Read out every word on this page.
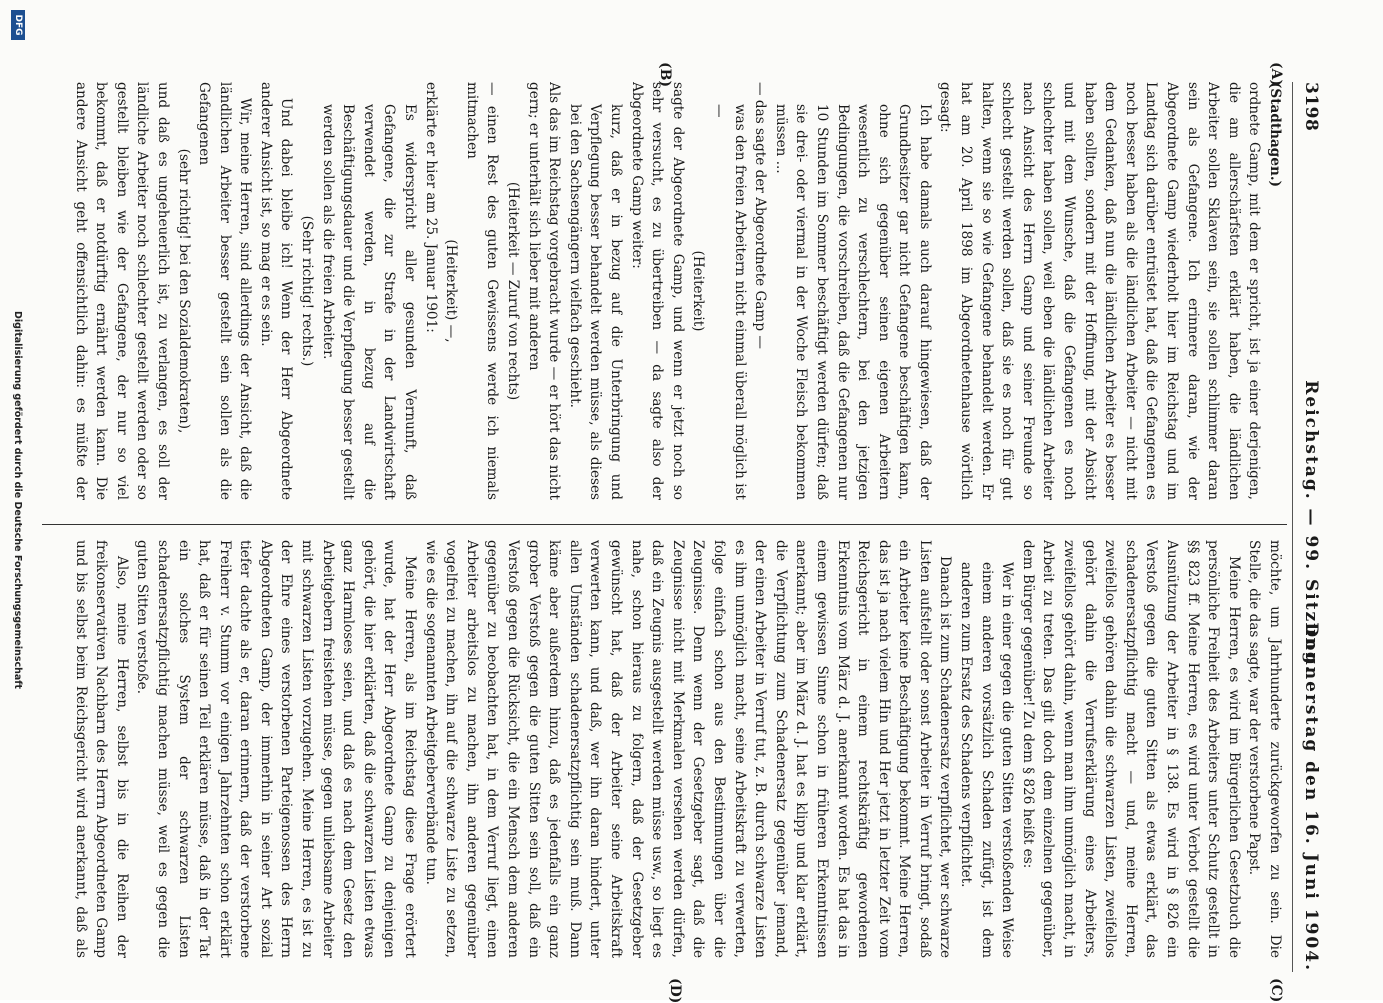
3198
Reichstag. — 99. Sitzung.
Donnerstag den 16. Juni 1904.
(A)
(B)
(C)
(D)

(Stadthagen.)

ordnete Gamp, mit dem er spricht, ist ja einer derjenigen, die am allerschärfsten erklärt haben, die ländlichen Arbeiter sollen Sklaven sein, sie sollen schlimmer daran sein als Gefangene. Ich erinnere daran, wie der Abgeordnete Gamp wiederholt hier im Reichstag und im Landtag sich darüber entrüstet hat, daß die Gefangenen es noch besser haben als die ländlichen Arbeiter — nicht mit dem Gedanken, daß nun die ländlichen Arbeiter es besser haben sollten, sondern mit der Hoffnung, mit der Absicht und mit dem Wunsche, daß die Gefangenen es noch schlechter haben sollen, weil eben die ländlichen Arbeiter nach Ansicht des Herrn Gamp und seiner Freunde so schlecht gestellt werden sollen, daß sie es noch für gut halten, wenn sie so wie Gefangene behandelt werden. Er hat am 20. April 1898 im Abgeordnetenhause wörtlich gesagt:

Ich habe damals auch darauf hingewiesen, daß der Grundbesitzer gar nicht Gefangene beschäftigen kann, ohne sich gegenüber seinen eigenen Arbeitern wesentlich zu verschlechtern, bei den jetzigen Bedingungen, die vorschreiben, daß die Gefangenen nur 10 Stunden im Sommer beschäftigt werden dürfen; daß sie drei- oder viermal in der Woche Fleisch bekommen müssen ...

— das sagte der Abgeordnete Gamp —

was den freien Arbeitern nicht einmal überall möglich ist —

(Heiterkeit)

sagte der Abgeordnete Gamp, und wenn er jetzt noch so sehr versucht, es zu übertreiben — da sagte also der Abgeordnete Gamp weiter:

kurz, daß er in bezug auf die Unterbringung und Verpflegung besser behandelt werden müsse, als dieses bei den Sachsengängern vielfach geschieht.

Als das im Reichstag vorgebracht wurde — er hört das nicht gern; er unterhält sich lieber mit anderen

(Heiterkeit — Zuruf von rechts)

— einen Rest des guten Gewissens werde ich niemals mitmachen

(Heiterkeit) —,

erklärte er hier am 25. Januar 1901:

Es widerspricht aller gesunden Vernunft, daß Gefangene, die zur Strafe in der Landwirtschaft verwendet werden, in bezug auf die Beschäftigungsdauer und die Verpflegung besser gestellt werden sollen als die freien Arbeiter.

(Sehr richtig! rechts.)

Und dabei bleibe ich! Wenn der Herr Abgeordnete anderer Ansicht ist, so mag er es sein.

Wir, meine Herren, sind allerdings der Ansicht, daß die ländlichen Arbeiter besser gestellt sein sollen als die Gefangenen

(sehr richtig! bei den Sozialdemokraten),

und daß es ungeheuerlich ist, zu verlangen, es soll der ländliche Arbeiter noch schlechter gestellt werden oder so gestellt bleiben wie der Gefangene, der nur so viel bekommt, daß er notdürftig ernährt werden kann. Die andere Ansicht geht offensichtlich dahin: es müßte der

möchte, um Jahrhunderte zurückgeworfen zu sein. Die Stelle, die das sagte, war der verstorbene Papst.

Meine Herren, es wird im Bürgerlichen Gesetzbuch die persönliche Freiheit des Arbeiters unter Schutz gestellt in §§ 823 ff. Meine Herren, es wird unter Verbot gestellt die Ausnützung der Arbeiter in § 138. Es wird in § 826 ein Verstoß gegen die guten Sitten als etwas erklärt, das schadenersatzpflichtig macht — und, meine Herren, zweifellos gehören dahin die schwarzen Listen, zweifellos gehört dahin die Verrufserklärung eines Arbeiters, zweifellos gehört dahin, wenn man ihm unmöglich macht, in Arbeit zu treten. Das gilt doch dem einzelnen gegenüber, dem Bürger gegenüber! Zu dem § 826 heißt es:

Wer in einer gegen die guten Sitten verstoßenden Weise einem anderen vorsätzlich Schaden zufügt, ist dem anderen zum Ersatz des Schadens verpflichtet.

Danach ist zum Schadenersatz verpflichtet, wer schwarze Listen aufstellt oder sonst Arbeiter in Verruf bringt, sodaß ein Arbeiter keine Beschäftigung bekommt. Meine Herren, das ist ja nach vielem Hin und Her jetzt in letzter Zeit vom Reichsgericht in einem rechtskräftig gewordenen Erkenntnis vom März d. J. anerkannt worden. Es hat das in einem gewissen Sinne schon in früheren Erkenntnissen anerkannt; aber im März d. J. hat es klipp und klar erklärt, die Verpflichtung zum Schadenersatz gegenüber jemand, der einen Arbeiter in Verruf tut, z. B. durch schwarze Listen es ihm unmöglich macht, seine Arbeitskraft zu verwerten, folge einfach schon aus den Bestimmungen über die Zeugnisse. Denn wenn der Gesetzgeber sagt, daß die Zeugnisse nicht mit Merkmalen versehen werden dürfen, daß ein Zeugnis ausgestellt werden müsse usw., so liegt es nahe, schon hieraus zu folgern, daß der Gesetzgeber gewünscht hat, daß der Arbeiter seine Arbeitskraft verwerten kann, und daß, wer ihn daran hindert, unter allen Umständen schadenersatzpflichtig sein muß. Dann käme aber außerdem hinzu, daß es jedenfalls ein ganz grober Verstoß gegen die guten Sitten sein soll, daß ein Verstoß gegen die Rücksicht, die ein Mensch dem anderen gegenüber zu beobachten hat, in dem Verruf liegt, einen Arbeiter arbeitslos zu machen, ihn anderen gegenüber vogelfrei zu machen, ihn auf die schwarze Liste zu setzen, wie es die sogenannten Arbeitgeberverbände tun.

Meine Herren, als im Reichstag diese Frage erörtert wurde, hat der Herr Abgeordnete Gamp zu denjenigen gehört, die hier erklärten, daß die schwarzen Listen etwas ganz Harmloses seien, und daß es nach dem Gesetz den Arbeitgebern freistehen müsse, gegen unliebsame Arbeiter mit schwarzen Listen vorzugehen. Meine Herren, es ist zu der Ehre eines verstorbenen Parteigenossen des Herrn Abgeordneten Gamp, der immerhin in seiner Art sozial tiefer dachte als er, daran erinnern, daß der verstorbene Freiherr v. Stumm vor einigen Jahrzehnten schon erklärt hat, daß er für seinen Teil erklären müsse, daß in der Tat ein solches System der schwarzen Listen schadenersatzpflichtig machen müsse, weil es gegen die guten Sitten verstoße.

Also, meine Herren, selbst bis in die Reihen der freikonservativen Nachbarn des Herrn Abgeordneten Gamp und bis selbst beim Reichsgericht wird anerkannt, daß als

DFG
Digitalisierung gefördert durch die Deutsche Forschungsgemeinschaft
